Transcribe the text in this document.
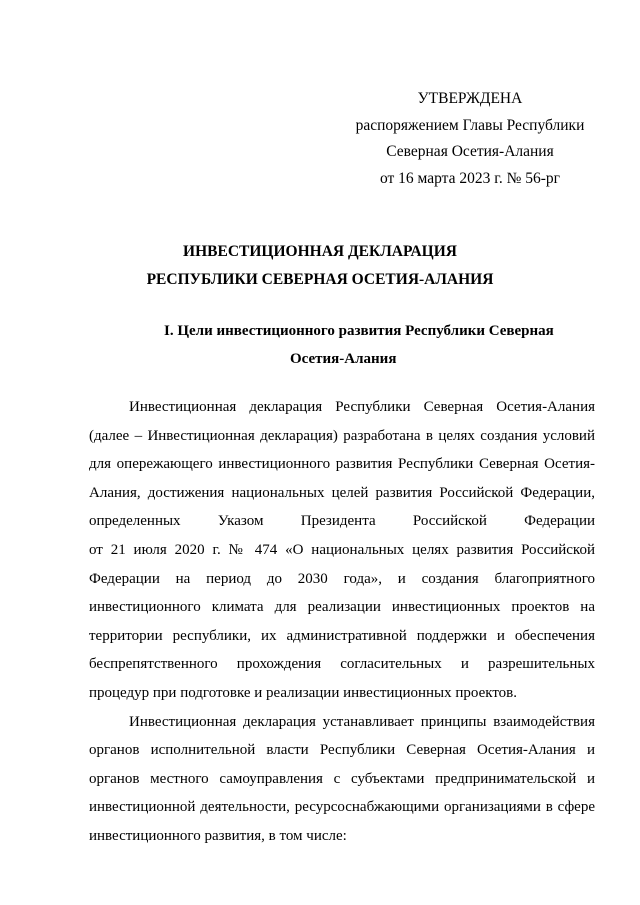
УТВЕРЖДЕНА
распоряжением Главы Республики
Северная Осетия-Алания
от 16 марта 2023 г. № 56-рг
ИНВЕСТИЦИОННАЯ ДЕКЛАРАЦИЯ
РЕСПУБЛИКИ СЕВЕРНАЯ ОСЕТИЯ-АЛАНИЯ
I. Цели инвестиционного развития Республики Северная
Осетия-Алания
Инвестиционная декларация Республики Северная Осетия-Алания
(далее – Инвестиционная декларация) разработана в целях создания условий
для опережающего инвестиционного развития Республики Северная Осетия-
Алания, достижения национальных целей развития Российской Федерации,
определенных Указом Президента Российской Федерации
от 21 июля 2020 г. № 474 «О национальных целях развития Российской
Федерации на период до 2030 года», и создания благоприятного
инвестиционного климата для реализации инвестиционных проектов на
территории республики, их административной поддержки и обеспечения
беспрепятственного прохождения согласительных и разрешительных
процедур при подготовке и реализации инвестиционных проектов.
Инвестиционная декларация устанавливает принципы взаимодействия
органов исполнительной власти Республики Северная Осетия-Алания и
органов местного самоуправления с субъектами предпринимательской и
инвестиционной деятельности, ресурсоснабжающими организациями в сфере
инвестиционного развития, в том числе:
